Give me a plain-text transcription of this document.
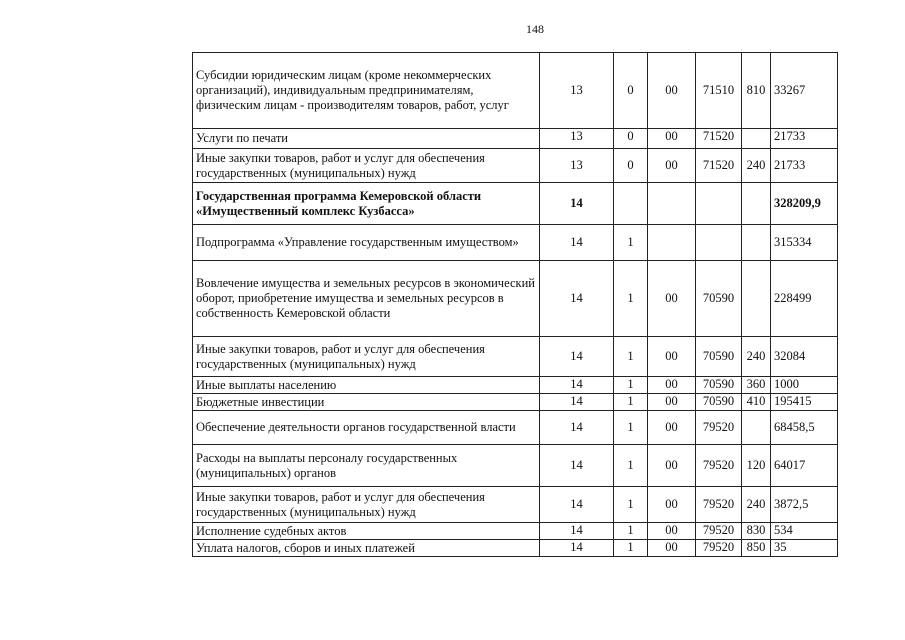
148
Субсидии юридическим лицам (кроме некоммерческих организаций), индивидуальным предпринимателям, физическим лицам - производителям товаров, работ, услуг	13	0	00	71510	810	33267
Услуги по печати	13	0	00	71520		21733
Иные закупки товаров, работ и услуг для обеспечения государственных (муниципальных) нужд	13	0	00	71520	240	21733
Государственная программа Кемеровской области «Имущественный комплекс Кузбасса»	14					328209,9
Подпрограмма «Управление государственным имуществом»	14	1				315334
Вовлечение имущества и земельных ресурсов в экономический оборот, приобретение имущества и земельных ресурсов в собственность Кемеровской области	14	1	00	70590		228499
Иные закупки товаров, работ и услуг для обеспечения государственных (муниципальных) нужд	14	1	00	70590	240	32084
Иные выплаты населению	14	1	00	70590	360	1000
Бюджетные инвестиции	14	1	00	70590	410	195415
Обеспечение деятельности органов государственной власти	14	1	00	79520		68458,5
Расходы на выплаты персоналу государственных (муниципальных) органов	14	1	00	79520	120	64017
Иные закупки товаров, работ и услуг для обеспечения государственных (муниципальных) нужд	14	1	00	79520	240	3872,5
Исполнение судебных актов	14	1	00	79520	830	534
Уплата налогов, сборов и иных платежей	14	1	00	79520	850	35
